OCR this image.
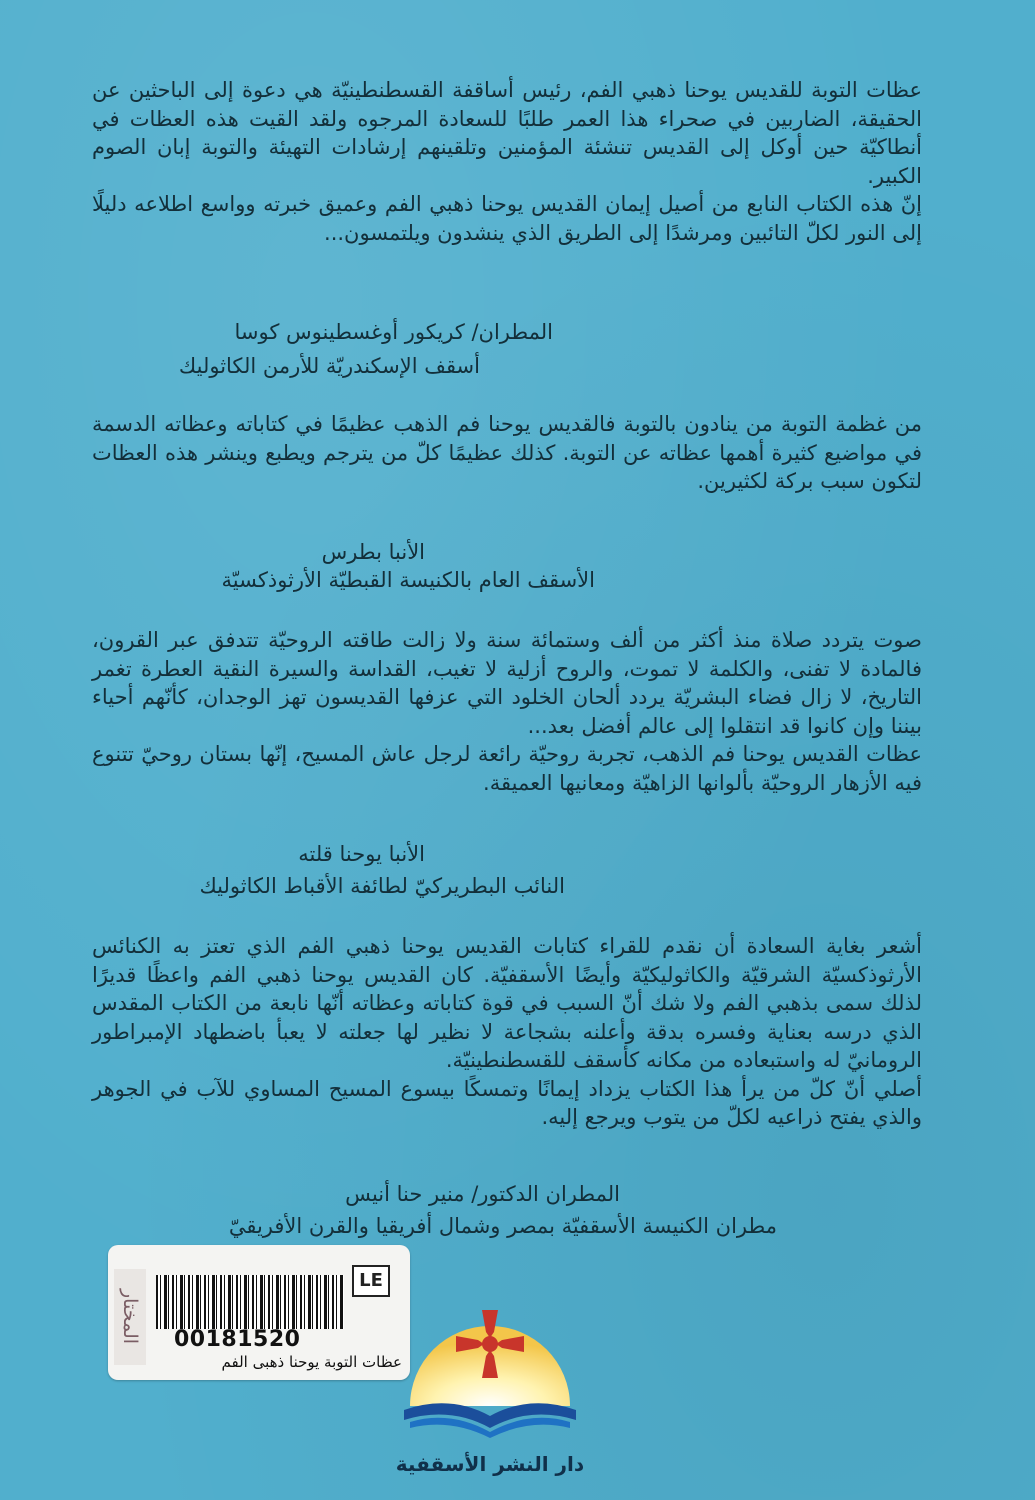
عظات التوبة للقديس يوحنا ذهبي الفم، رئيس أساقفة القسطنطينيّة هي دعوة إلى الباحثين عن الحقيقة، الضاربين في صحراء هذا العمر طلبًا للسعادة المرجوه ولقد القيت هذه العظات في أنطاكيّة حين أوكل إلى القديس تنشئة المؤمنين وتلقينهم إرشادات التهيئة والتوبة إبان الصوم الكبير.

إنّ هذه الكتاب النابع من أصيل إيمان القديس يوحنا ذهبي الفم وعميق خبرته وواسع اطلاعه دليلًا إلى النور لكلّ التائبين ومرشدًا إلى الطريق الذي ينشدون ويلتمسون...

المطران/ كريكور أوغسطينوس كوسا
أسقف الإسكندريّة للأرمن الكاثوليك

من غظمة التوبة من ينادون بالتوبة فالقديس يوحنا فم الذهب عظيمًا في كتاباته وعظاته الدسمة في مواضيع كثيرة أهمها عظاته عن التوبة. كذلك عظيمًا كلّ من يترجم ويطبع وينشر هذه العظات لتكون سبب بركة لكثيرين.

الأنبا بطرس
الأسقف العام بالكنيسة القبطيّة الأرثوذكسيّة

صوت يتردد صلاة منذ أكثر من ألف وستمائة سنة ولا زالت طاقته الروحيّة تتدفق عبر القرون، فالمادة لا تفنى، والكلمة لا تموت، والروح أزلية لا تغيب، القداسة والسيرة النقية العطرة تغمر التاريخ، لا زال فضاء البشريّة يردد ألحان الخلود التي عزفها القديسون تهز الوجدان، كأنّهم أحياء بيننا وإن كانوا قد انتقلوا إلى عالم أفضل بعد...

عظات القديس يوحنا فم الذهب، تجربة روحيّة رائعة لرجل عاش المسيح، إنّها بستان روحيّ تتنوع فيه الأزهار الروحيّة بألوانها الزاهيّة ومعانيها العميقة.

الأنبا يوحنا قلته
النائب البطريركيّ لطائفة الأقباط الكاثوليك

أشعر بغاية السعادة أن نقدم للقراء كتابات القديس يوحنا ذهبي الفم الذي تعتز به الكنائس الأرثوذكسيّة الشرقيّة والكاثوليكيّة وأيضًا الأسقفيّة. كان القديس يوحنا ذهبي الفم واعظًا قديرًا لذلك سمى بذهبي الفم ولا شك أنّ السبب في قوة كتاباته وعظاته أنّها نابعة من الكتاب المقدس الذي درسه بعناية وفسره بدقة وأعلنه بشجاعة لا نظير لها جعلته لا يعبأ باضطهاد الإمبراطور الرومانيّ له واستبعاده من مكانه كأسقف للقسطنطينيّة.

أصلي أنّ كلّ من يرأ هذا الكتاب يزداد إيمانًا وتمسكًا بيسوع المسيح المساوي للآب في الجوهر والذي يفتح ذراعيه لكلّ من يتوب ويرجع إليه.

المطران الدكتور/ منير حنا أنيس
مطران الكنيسة الأسقفيّة بمصر وشمال أفريقيا والقرن الأفريقيّ
المختار 00181520
LE
عظات التوبة يوحنا ذهبى الفم
دار النشر الأسقفية
